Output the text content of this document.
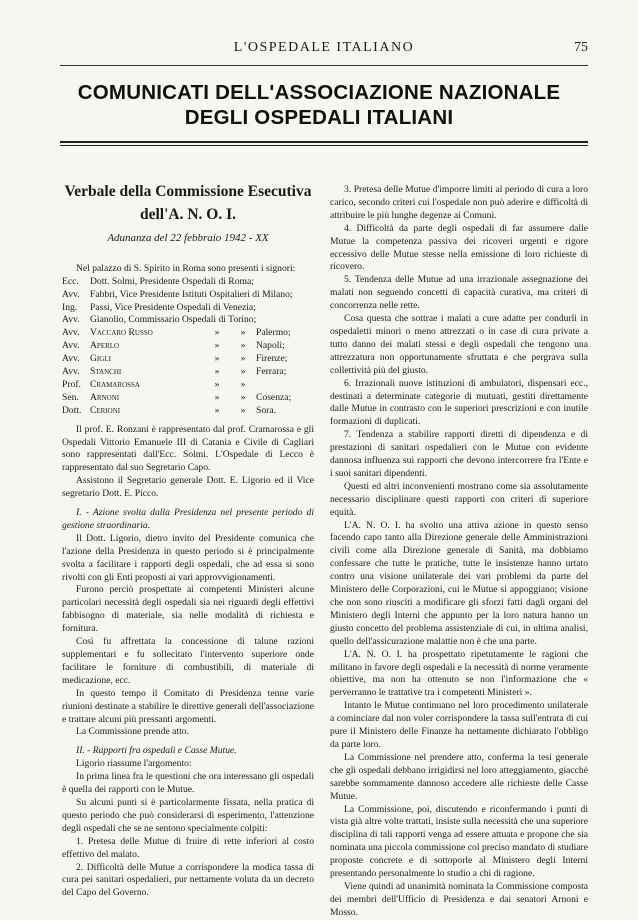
L'OSPEDALE ITALIANO	75
COMUNICATI DELL'ASSOCIAZIONE NAZIONALE
DEGLI OSPEDALI ITALIANI
Verbale della Commissione Esecutiva
dell'A. N. O. I.
Adunanza del 22 febbraio 1942 - XX

Nel palazzo di S. Spirito in Roma sono presenti i signori:

Ecc.	Dott. Solmi, Presidente Ospedali di Roma;
Avv.	Fabbri, Vice Presidente Istituti Ospitalieri di Milano;
Ing.	Passi, Vice Presidente Ospedali di Venezia;
Avv.	Gianolio, Commissario Ospedali di Torino;
Avv.	Vaccaro Russo	»	»	Palermo;
Avv.	Aperlo	»	»	Napoli;
Avv.	Gigli	»	»	Firenze;
Avv.	Stanchi	»	»	Ferrara;
Prof. Cramarossa	»	»
Sen.	Arnoni	»	»	Cosenza;
Dott. Cerioni	»	»	Sora.

Il prof. E. Ronzani è rappresentato dal prof. Cramarossa e gli Ospedali Vittorio Emanuele III di Catania e Civile di Cagliari sono rappresentati dall'Ecc. Solmi. L'Ospedale di Lecco è rappresentato dal suo Segretario Capo.

Assistono il Segretario generale Dott. E. Ligorio ed il Vice segretario Dott. E. Picco.

I. - Azione svolta dalla Presidenza nel presente periodo di gestione straordinaria.

Il Dott. Ligorio, dietro invito del Presidente comunica che l'azione della Presidenza in questo periodo si è principalmente svolta a facilitare i rapporti degli ospedali, che ad essa si sono rivolti con gli Enti proposti ai vari approvvigionamenti.

Furono perciò prospettate ai competenti Ministeri alcune particolari necessità degli ospedali sia nei riguardi degli effettivi fabbisogno di materiale, sia nelle modalità di richiesta e fornitura.

Così fu affrettata la concessione di talune razioni supplementari e fu sollecitato l'intervento superiore onde facilitare le forniture di combustibili, di materiale di medicazione, ecc.

In questo tempo il Comitato di Presidenza tenne varie riunioni destinate a stabilire le direttive generali dell'associazione e trattare alcuni più pressanti argomenti.

La Commissione prende atto.

II. - Rapporti fra ospedali e Casse Mutue.

Ligorio riassume l'argomento:

In prima linea fra le questioni che ora interessano gli ospedali è quella dei rapporti con le Mutue.

Su alcuni punti si è particolarmente fissata, nella pratica di questo periodo che può considerarsi di esperimento, l'attenzione degli ospedali che se ne sentono specialmente colpiti:

1. Pretesa delle Mutue di fruire di rette inferiori al costo effettivo del malato.

2. Difficoltà delle Mutue a corrispondere la modica tassa di cura pei sanitari ospedalieri, pur nettamente voluta da un decreto del Capo del Governo.

3. Pretesa delle Mutue d'imporre limiti al periodo di cura a loro carico, secondo criteri cui l'ospedale non può aderire e difficoltà di attribuire le più lunghe degenze ai Comuni.

4. Difficoltà da parte degli ospedali di far assumere dalle Mutue la competenza passiva dei ricoveri urgenti e rigore eccessivo delle Mutue stesse nella emissione di loro richieste di ricovero.

5. Tendenza delle Mutue ad una irrazionale assegnazione dei malati non seguendo concetti di capacità curativa, ma criteri di concorrenza nelle rette.

Cosa questa che sottrae i malati a cure adatte per condurli in ospedaletti minori o meno attrezzati o in case di cura private a tutto danno dei malati stessi e degli ospedali che tengono una attrezzatura non opportunamente sfruttata e che pergrava sulla collettività più del giusto.

6. Irrazionali nuove istituzioni di ambulatori, dispensari ecc., destinati a determinate categorie di mutuati, gestiti direttamente dalle Mutue in contrasto con le superiori prescrizioni e con inutile formazioni di duplicati.

7. Tendenza a stabilire rapporti diretti di dipendenza e di prestazioni di sanitari ospedalieri con le Mutue con evidente dannosa influenza sui rapporti che devono intercorrere fra l'Ente e i suoi sanitari dipendenti.

Questi ed altri inconvenienti mostrano come sia assolutamente necessario disciplinare questi rapporti con criteri di superiore equità.

L'A. N. O. I. ha svolto una attiva azione in questo senso facendo capo tanto alla Direzione generale delle Amministrazioni civili come alla Direzione generale di Sanità, ma dobbiamo confessare che tutte le pratiche, tutte le insistenze hanno urtato contro una visione unilaterale dei vari problemi da parte del Ministero delle Corporazioni, cui le Mutue si appoggiano; visione che non sono riusciti a modificare gli sforzi fatti dagli organi del Ministero degli Interni che appunto per la loro natura hanno un giusto concetto del problema assistenziale di cui, in ultima analisi, quello dell'assicurazione malattie non è che una parte.

L'A. N. O. I. ha prospettato ripetutamente le ragioni che militano in favore degli ospedali e la necessità di norme veramente obiettive, ma non ha ottenuto se non l'informazione che « perverranno le trattative tra i competenti Ministeri ».

Intanto le Mutue continuano nel loro procedimento unilaterale a cominciare dal non voler corrispondere la tassa sull'entrata di cui pure il Ministero delle Finanze ha nettamente dichiarato l'obbligo da parte loro.

La Commissione nel prendere atto, conferma la tesi generale che gli ospedali debbano irrigidirsi nel loro atteggiamento, giacchè sarebbe sommamente dannoso accedere alle richieste delle Casse Mutue.

La Commissione, poi, discutendo e riconfermando i punti di vista già altre volte trattati, insiste sulla necessità che una superiore disciplina di tali rapporti venga ad essere attuata e propone che sia nominata una piccola commissione col preciso mandato di studiare proposte concrete e di sottoporle al Ministero degli Interni presentando personalmente lo studio a chi di ragione.

Viene quindi ad unanimità nominata la Commissione composta dei membri dell'Ufficio di Presidenza e dai senatori Arnoni e Mosso.
